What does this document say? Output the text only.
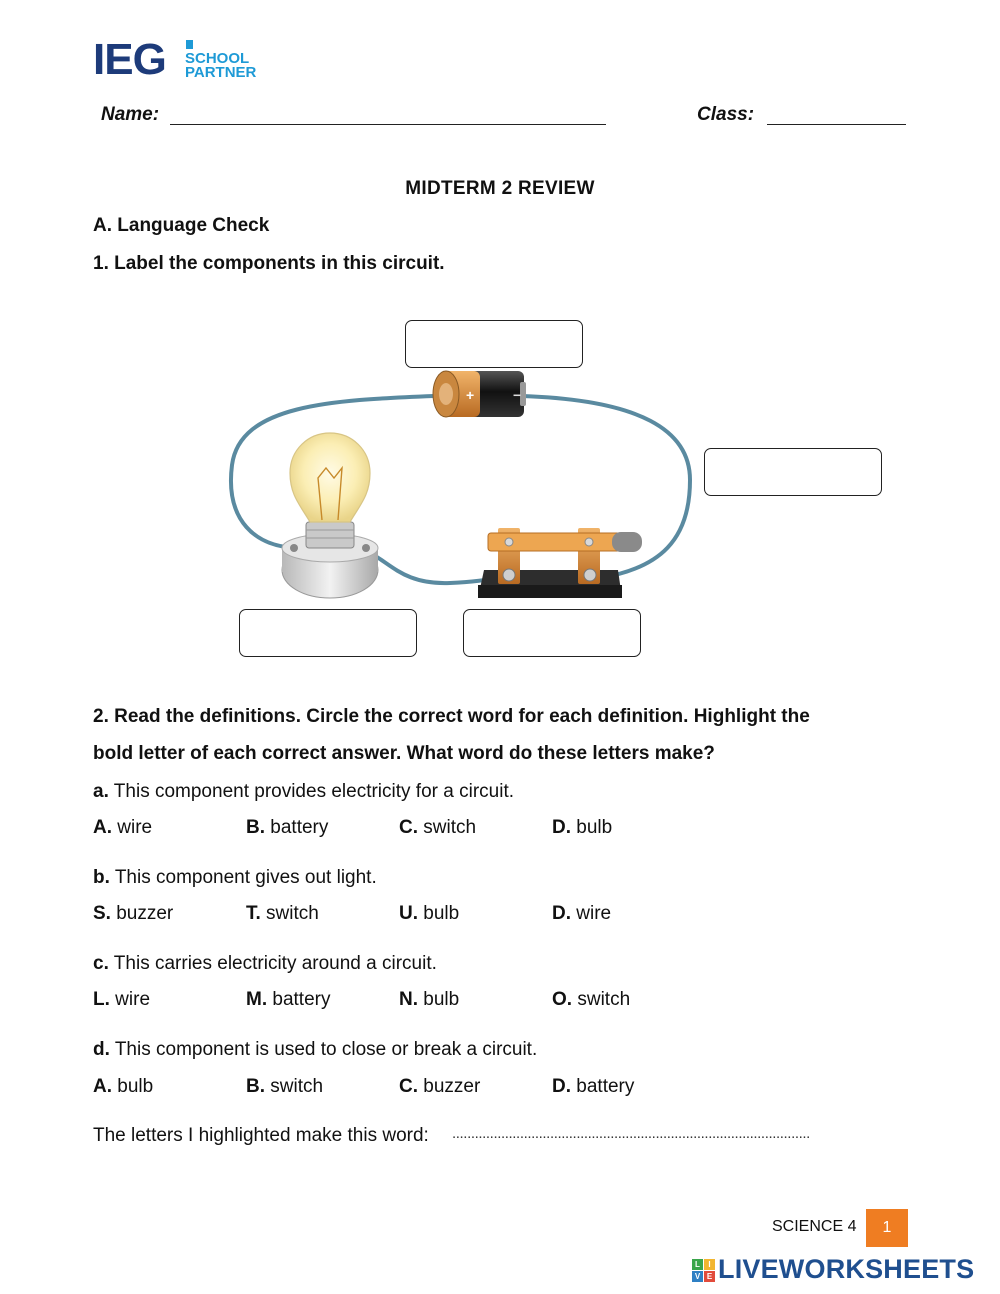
IEG SCHOOL
PARTNER
Name:	Class:
MIDTERM 2 REVIEW
A. Language Check
1. Label the components in this circuit.
+	−
2. Read the definitions. Circle the correct word for each definition. Highlight the
bold letter of each correct answer. What word do these letters make?
a. This component provides electricity for a circuit.
A. wire	B. battery	C. switch	D. bulb
b. This component gives out light.
S. buzzer	T. switch	U. bulb	D. wire
c. This carries electricity around a circuit.
L. wire	M. battery	N. bulb	O. switch
d. This component is used to close or break a circuit.
A. bulb	B. switch	C. buzzer	D. battery
The letters I highlighted make this word: ...............................................................................................
SCIENCE 4	1
L	I
V E LIVEWORKSHEETS
